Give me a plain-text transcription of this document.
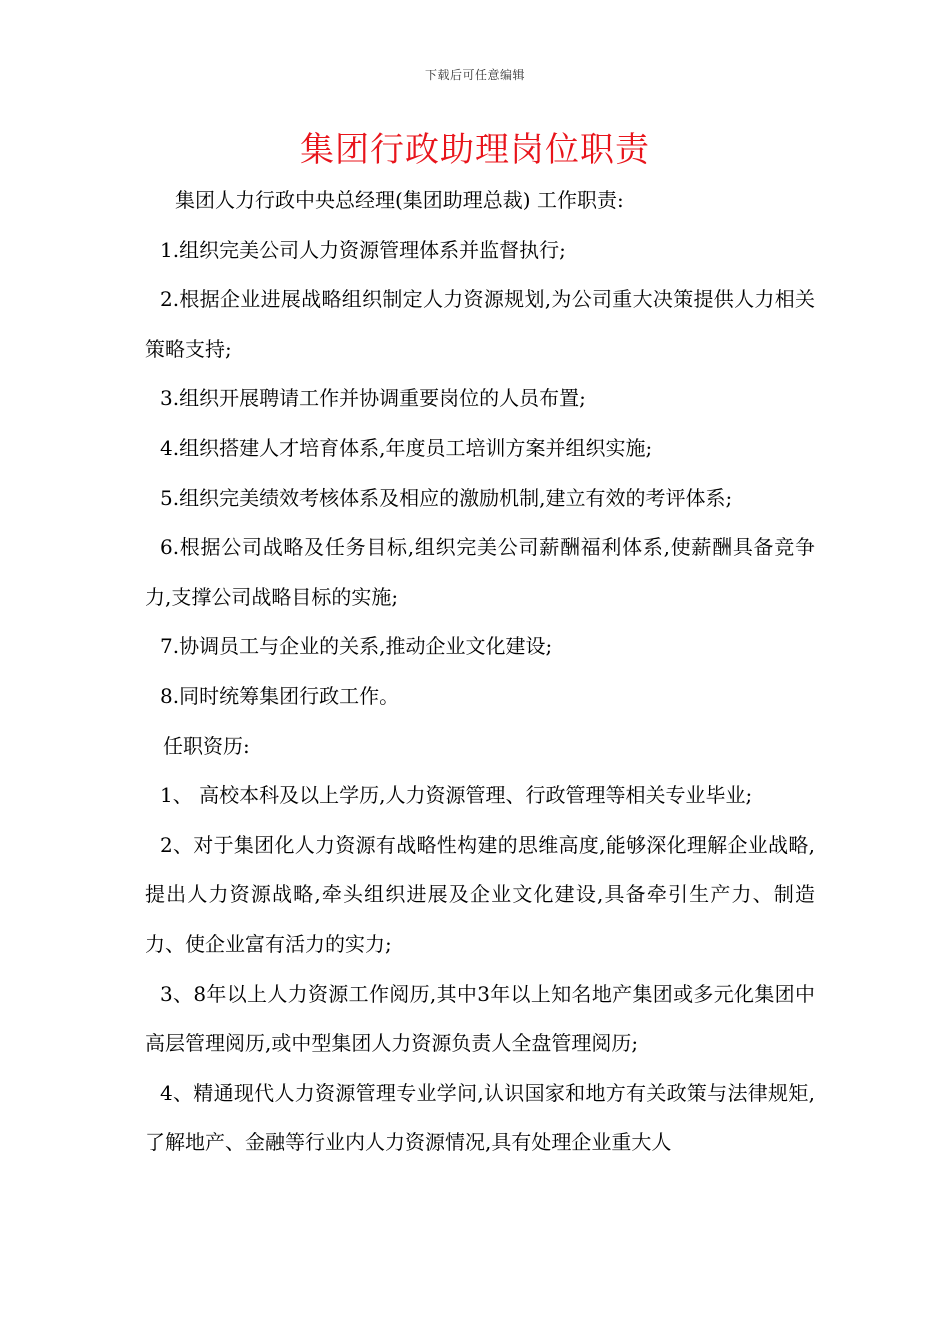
下载后可任意编辑
集团行政助理岗位职责

集团人力行政中央总经理(集团助理总裁) 工作职责:

1.组织完美公司人力资源管理体系并监督执行;

2.根据企业进展战略组织制定人力资源规划,为公司重大决策提供人力相关策略支持;

3.组织开展聘请工作并协调重要岗位的人员布置;

4.组织搭建人才培育体系,年度员工培训方案并组织实施;

5.组织完美绩效考核体系及相应的激励机制,建立有效的考评体系;

6.根据公司战略及任务目标,组织完美公司薪酬福利体系,使薪酬具备竞争力,支撑公司战略目标的实施;

7.协调员工与企业的关系,推动企业文化建设;

8.同时统筹集团行政工作。

任职资历:

1、 高校本科及以上学历,人力资源管理、行政管理等相关专业毕业;

2、对于集团化人力资源有战略性构建的思维高度,能够深化理解企业战略,提出人力资源战略,牵头组织进展及企业文化建设,具备牵引生产力、制造力、使企业富有活力的实力;

3、8年以上人力资源工作阅历,其中3年以上知名地产集团或多元化集团中高层管理阅历,或中型集团人力资源负责人全盘管理阅历;

4、精通现代人力资源管理专业学问,认识国家和地方有关政策与法律规矩,了解地产、金融等行业内人力资源情况,具有处理企业重大人
